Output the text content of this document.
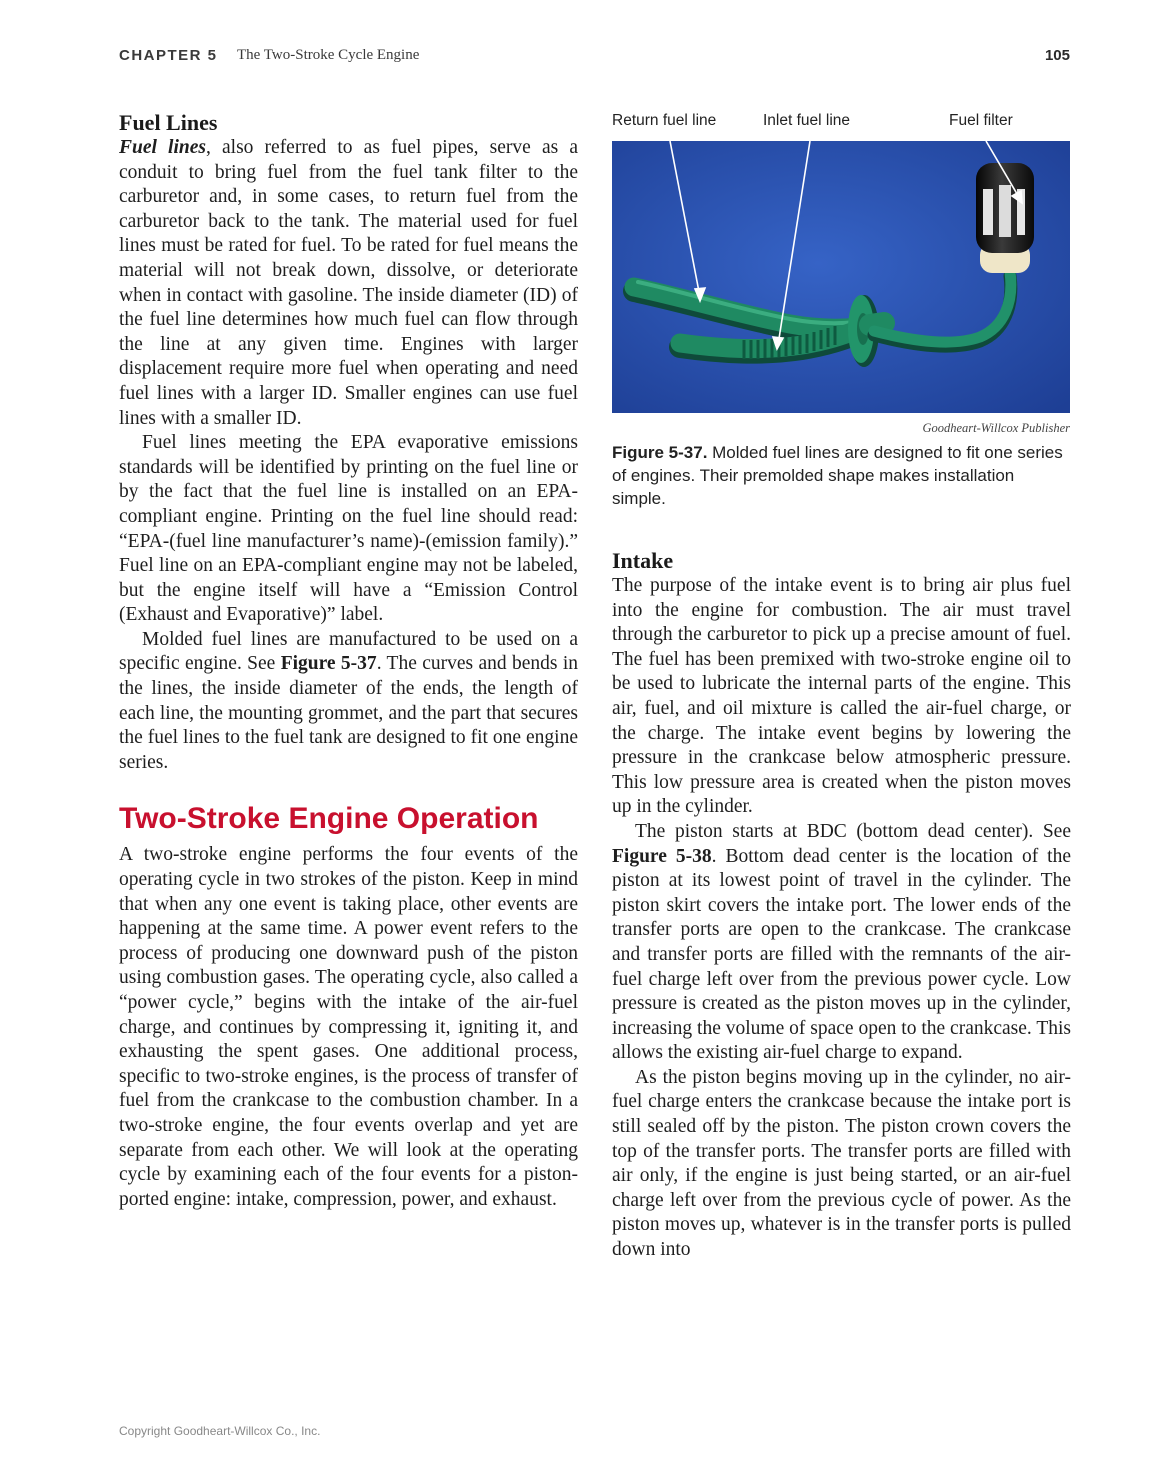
CHAPTER 5 The Two-Stroke Cycle Engine	105
Fuel Lines

Fuel lines, also referred to as fuel pipes, serve as a conduit to bring fuel from the fuel tank filter to the carburetor and, in some cases, to return fuel from the carburetor back to the tank. The material used for fuel lines must be rated for fuel. To be rated for fuel means the material will not break down, dissolve, or deteriorate when in contact with gasoline. The inside diameter (ID) of the fuel line determines how much fuel can flow through the line at any given time. Engines with larger displacement require more fuel when operating and need fuel lines with a larger ID. Smaller engines can use fuel lines with a smaller ID.

Fuel lines meeting the EPA evaporative emissions standards will be identified by printing on the fuel line or by the fact that the fuel line is installed on an EPA-compliant engine. Printing on the fuel line should read: “EPA-(fuel line manufacturer’s name)-(emission family).” Fuel line on an EPA-compliant engine may not be labeled, but the engine itself will have a “Emission Control (Exhaust and Evaporative)” label.

Molded fuel lines are manufactured to be used on a specific engine. See Figure 5-37. The curves and bends in the lines, the inside diameter of the ends, the length of each line, the mounting grommet, and the part that secures the fuel lines to the fuel tank are designed to fit one engine series.

Two-Stroke Engine Operation

A two-stroke engine performs the four events of the operating cycle in two strokes of the piston. Keep in mind that when any one event is taking place, other events are happening at the same time. A power event refers to the process of producing one downward push of the piston using combustion gases. The operating cycle, also called a “power cycle,” begins with the intake of the air-fuel charge, and continues by compressing it, igniting it, and exhausting the spent gases. One additional process, specific to two-stroke engines, is the process of transfer of fuel from the crankcase to the combustion chamber. In a two-stroke engine, the four events overlap and yet are separate from each other. We will look at the operating cycle by examining each of the four events for a piston-ported engine: intake, compression, power, and exhaust.

Return fuel line	Inlet fuel line	Fuel filter
Goodheart-Willcox Publisher
Figure 5-37. Molded fuel lines are designed to fit one series of engines. Their premolded shape makes installation simple.
Intake

The purpose of the intake event is to bring air plus fuel into the engine for combustion. The air must travel through the carburetor to pick up a precise amount of fuel. The fuel has been premixed with two-stroke engine oil to be used to lubricate the internal parts of the engine. This air, fuel, and oil mixture is called the air-fuel charge, or the charge. The intake event begins by lowering the pressure in the crankcase below atmospheric pressure. This low pressure area is created when the piston moves up in the cylinder.

The piston starts at BDC (bottom dead center). See Figure 5-38. Bottom dead center is the location of the piston at its lowest point of travel in the cylinder. The piston skirt covers the intake port. The lower ends of the transfer ports are open to the crankcase. The crankcase and transfer ports are filled with the remnants of the air-fuel charge left over from the previous power cycle. Low pressure is created as the piston moves up in the cylinder, increasing the volume of space open to the crankcase. This allows the existing air-fuel charge to expand.

As the piston begins moving up in the cylinder, no air-fuel charge enters the crankcase because the intake port is still sealed off by the piston. The piston crown covers the top of the transfer ports. The transfer ports are filled with air only, if the engine is just being started, or an air-fuel charge left over from the previous cycle of power. As the piston moves up, whatever is in the transfer ports is pulled down into

Copyright Goodheart-Willcox Co., Inc.
